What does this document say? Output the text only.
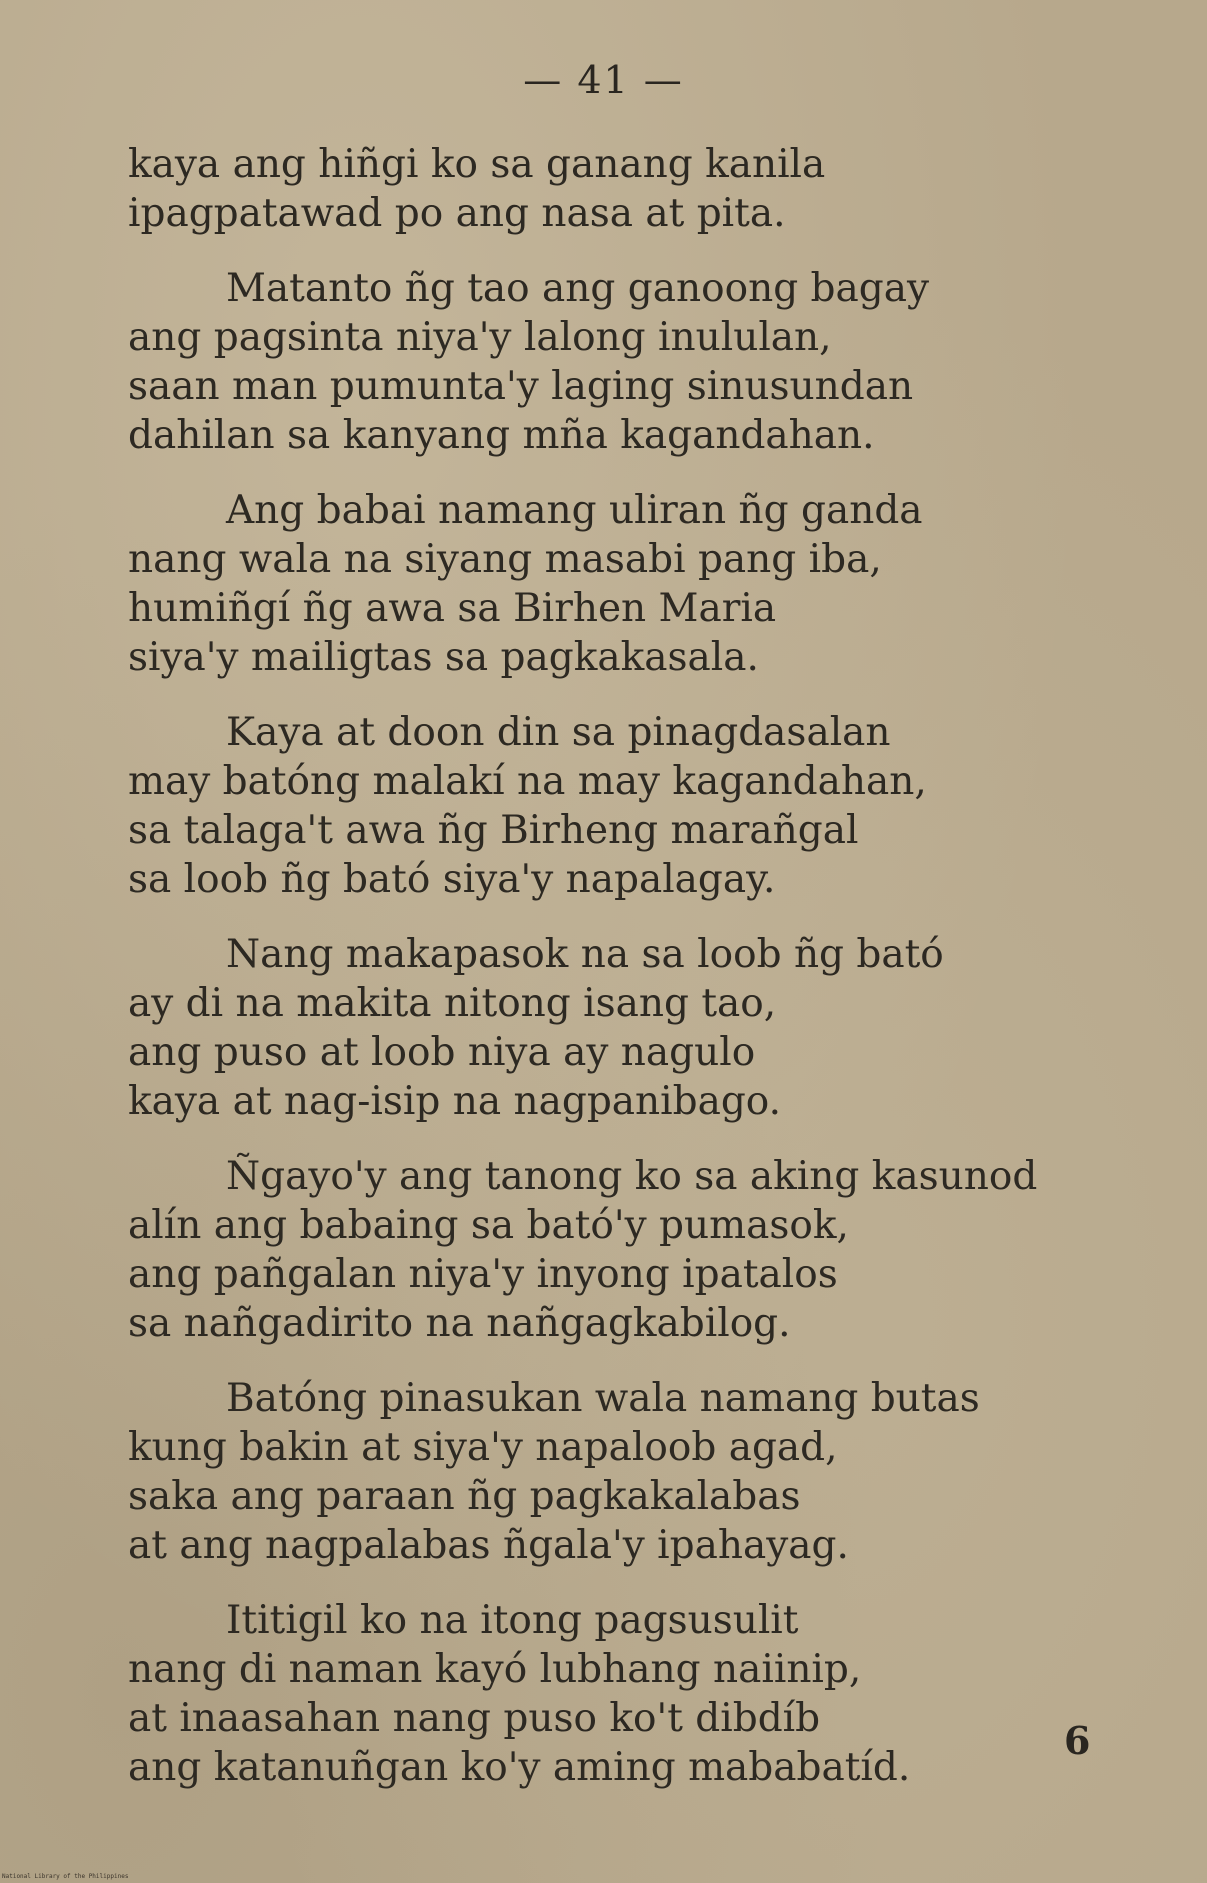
— 41 —
kaya ang hiñgi ko sa ganang kanila
ipagpatawad po ang nasa at pita.
Matanto ñg tao ang ganoong bagay
ang pagsinta niya'y lalong inululan,
saan man pumunta'y laging sinusundan
dahilan sa kanyang mña kagandahan.
Ang babai namang uliran ñg ganda
nang wala na siyang masabi pang iba,
humiñgí ñg awa sa Birhen Maria
siya'y mailigtas sa pagkakasala.
Kaya at doon din sa pinagdasalan
may batóng malakí na may kagandahan,
sa talaga't awa ñg Birheng marañgal
sa loob ñg bató siya'y napalagay.
Nang makapasok na sa loob ñg bató
ay di na makita nitong isang tao,
ang puso at loob niya ay nagulo
kaya at nag-isip na nagpanibago.
Ñgayo'y ang tanong ko sa aking kasunod
alín ang babaing sa bató'y pumasok,
ang pañgalan niya'y inyong ipatalos
sa nañgadirito na nañgagkabilog.
Batóng pinasukan wala namang butas
kung bakin at siya'y napaloob agad,
saka ang paraan ñg pagkakalabas
at ang nagpalabas ñgala'y ipahayag.
Ititigil ko na itong pagsusulit
nang di naman kayó lubhang naiinip,
at inaasahan nang puso ko't dibdíb
ang katanuñgan ko'y aming mababatíd.
6
National Library of the Philippines
